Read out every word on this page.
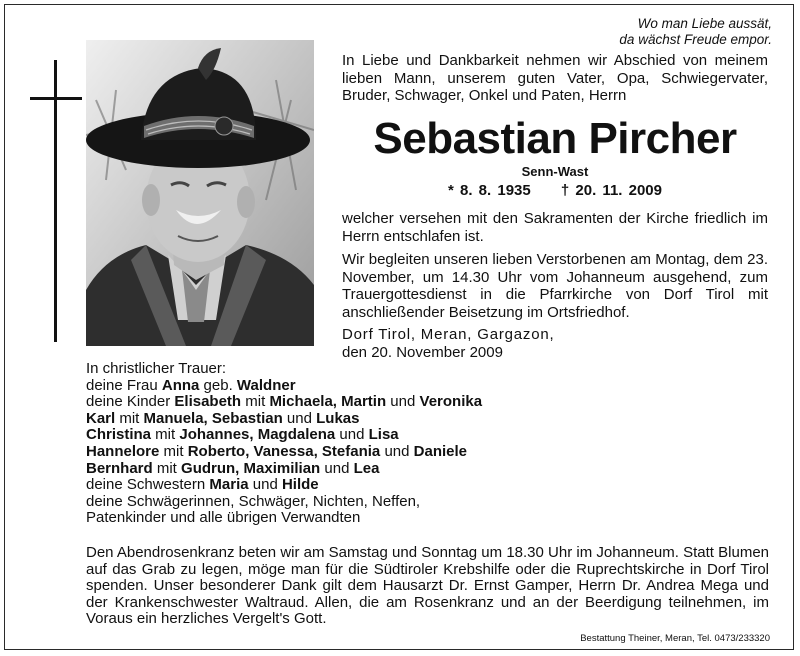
Wo man Liebe aussät,
da wächst Freude empor.
In Liebe und Dankbarkeit nehmen wir Abschied von meinem lieben Mann, unserem guten Vater, Opa, Schwiegervater, Bruder, Schwager, Onkel und Paten, Herrn
Sebastian Pircher
Senn-Wast
* 8. 8. 1935 † 20. 11. 2009
welcher versehen mit den Sakramenten der Kirche friedlich im Herrn entschlafen ist.
Wir begleiten unseren lieben Verstorbenen am Montag, dem 23. November, um 14.30 Uhr vom Johanneum ausgehend, zum Trauergottesdienst in die Pfarrkirche von Dorf Tirol mit anschließender Beisetzung im Ortsfriedhof.
Dorf Tirol, Meran, Gargazon,
den 20. November 2009
In christlicher Trauer:
deine Frau Anna geb. Waldner
deine Kinder Elisabeth mit Michaela, Martin und Veronika
Karl mit Manuela, Sebastian und Lukas
Christina mit Johannes, Magdalena und Lisa
Hannelore mit Roberto, Vanessa, Stefania und Daniele
Bernhard mit Gudrun, Maximilian und Lea
deine Schwestern Maria und Hilde
deine Schwägerinnen, Schwäger, Nichten, Neffen,
Patenkinder und alle übrigen Verwandten
Den Abendrosenkranz beten wir am Samstag und Sonntag um 18.30 Uhr im Johanneum. Statt Blumen auf das Grab zu legen, möge man für die Südtiroler Krebshilfe oder die Ruprechtskirche in Dorf Tirol spenden. Unser besonderer Dank gilt dem Hausarzt Dr. Ernst Gamper, Herrn Dr. Andrea Mega und der Krankenschwester Waltraud. Allen, die am Rosenkranz und an der Beerdigung teilnehmen, im Voraus ein herzliches Vergelt's Gott.
Bestattung Theiner, Meran, Tel. 0473/233320
